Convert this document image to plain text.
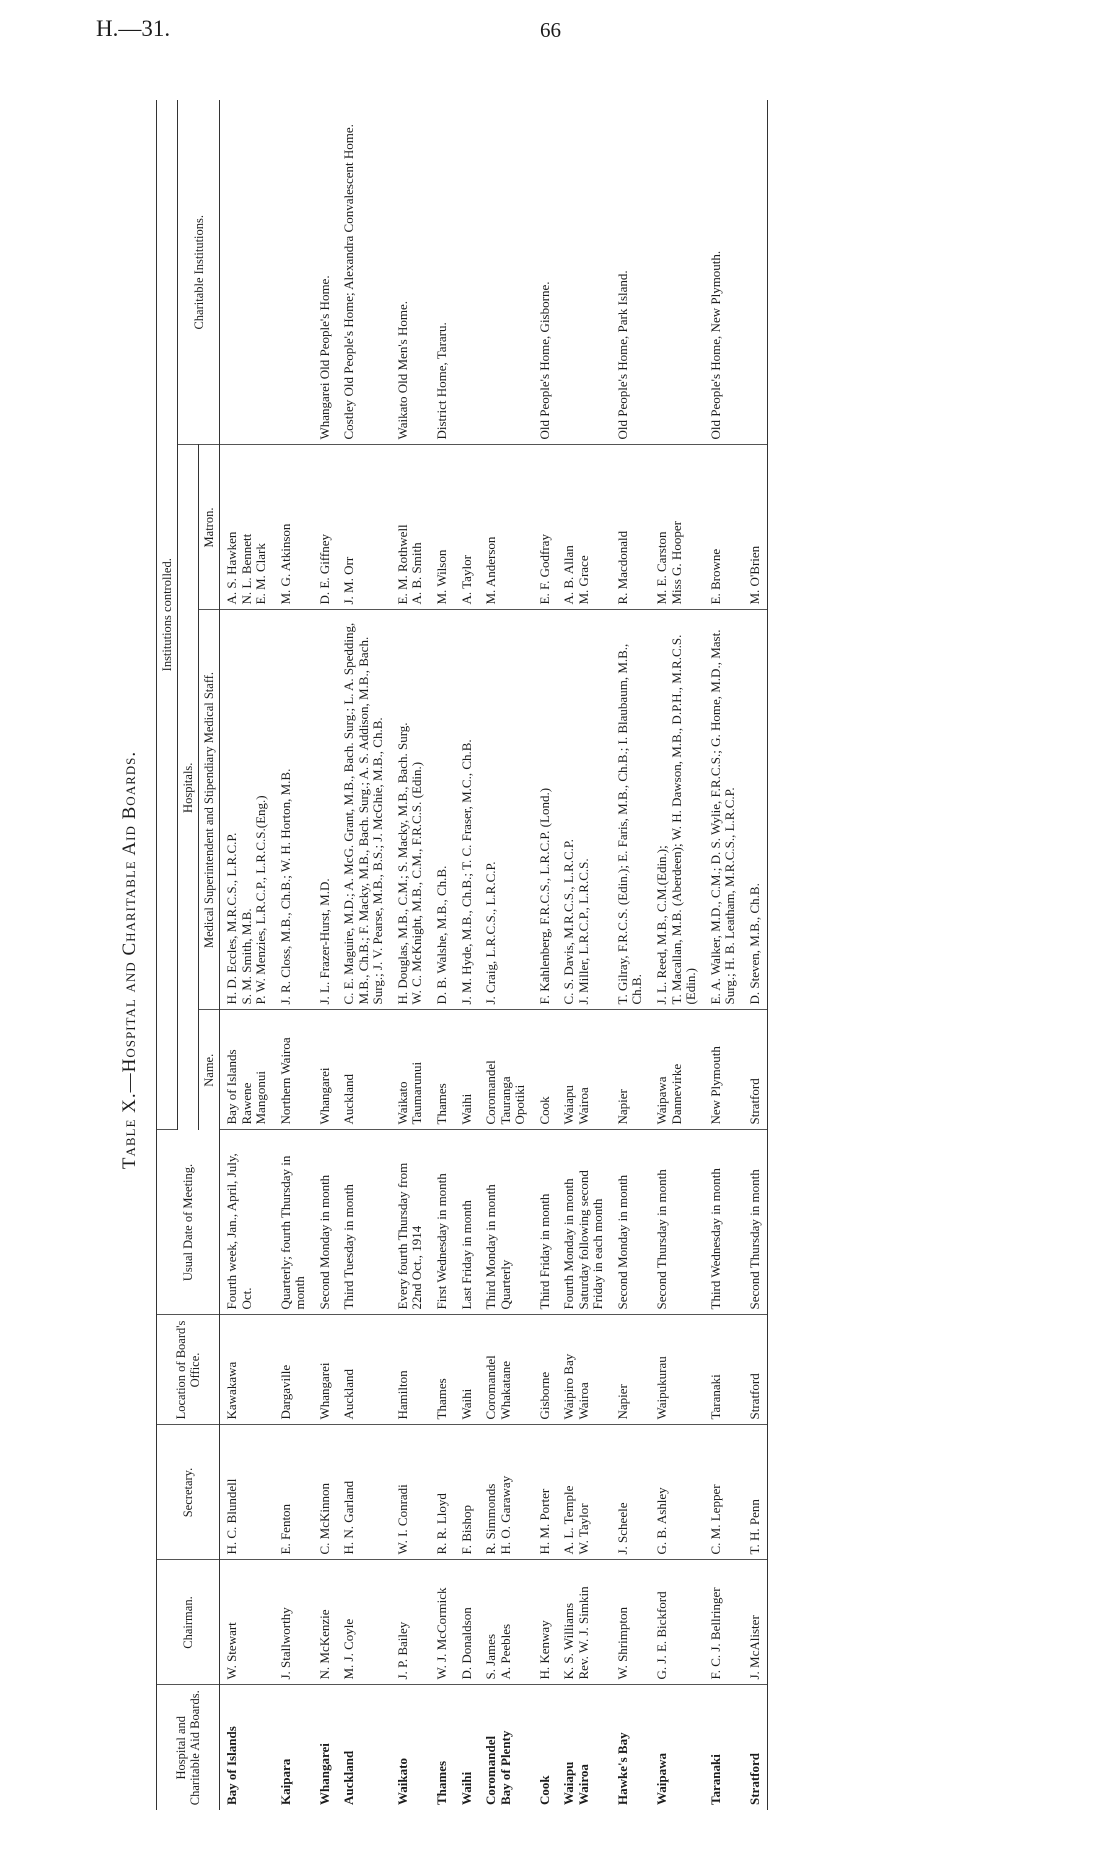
H.—31.	66
Table X.—Hospital and Charitable Aid Boards.
Hospital and Charitable Aid Boards.	Chairman.	Secretary.	Location of Board's Office.	Usual Date of Meeting.	Institutions controlled.			
					Hospitals.			Charitable Institutions.
					Name.	Medical Superintendent and Stipendiary Medical Staff.	Matron.	

Bay of Islands	W. Stewart	H. C. Blundell	Kawakawa	Fourth week, Jan., April, July, Oct.	Bay of Islands Rawene Mangonui	H. D. Eccles, M.R.C.S., L.R.C.P. S. M. Smith, M.B. P. W. Menzies, L.R.C.P., L.R.C.S.(Eng.)	A. S. Hawken N. L. Bennett E. M. Clark	

Kaipara	J. Stallworthy	E. Fenton	Dargaville	Quarterly; fourth Thursday in month	Northern Wairoa	J. R. Closs, M.B., Ch.B.; W. H. Horton, M.B.	M. G. Atkinson	

Whangarei	N. McKenzie	C. McKinnon	Whangarei	Second Monday in month	Whangarei	J. L. Frazer-Hurst, M.D.	D. E. Giffney	Whangarei Old People's Home.

Auckland	M. J. Coyle	H. N. Garland	Auckland	Third Tuesday in month	Auckland	C. E. Maguire, M.D.; A. McG. Grant, M.B., Bach. Surg.; L. A. Spedding, M.B., Ch.B.; F. Macky, M.B., Bach. Surg.; A. S. Addison, M.B., Bach. Surg.; J. V. Pearse, M.B., B.S.; J. McGhie, M.B., Ch.B.	J. M. Orr	Costley Old People's Home; Alexandra Convalescent Home.

Waikato	J. P. Bailey	W. I. Conradi	Hamilton	Every fourth Thursday from 22nd Oct., 1914	Waikato Taumarunui	H. Douglas, M.B., C.M.; S. Macky, M.B., Bach. Surg. W. C. McKnight, M.B., C.M., F.R.C.S. (Edin.)	E. M. Rothwell A. B. Smith	Waikato Old Men's Home.

Thames	W. J. McCormick	R. R. Lloyd	Thames	First Wednesday in month	Thames	D. B. Walshe, M.B., Ch.B.	M. Wilson	District Home, Tararu.

Waihi	D. Donaldson	F. Bishop	Waihi	Last Friday in month	Waihi	J. M. Hyde, M.B., Ch.B.; T. C. Fraser, M.C., Ch.B.	A. Taylor	

Coromandel Bay of Plenty	S. James A. Peebles	R. Simmonds H. O. Garaway	Coromandel Whakatane	Third Monday in month Quarterly	Coromandel Tauranga Opotiki	J. Craig, L.R.C.S., L.R.C.P.	M. Anderson	

Cook	H. Kenway	H. M. Porter	Gisborne	Third Friday in month	Cook	F. Kahlenberg, F.R.C.S., L.R.C.P. (Lond.)	E. F. Godfray	Old People's Home, Gisborne.

Waiapu Wairoa	K. S. Williams Rev. W. J. Simkin	A. L. Temple W. Taylor	Waipiro Bay Wairoa	Fourth Monday in month Saturday following second Friday in each month	Waiapu Wairoa	C. S. Davis, M.R.C.S., L.R.C.P. J. Miller, L.R.C.P., L.R.C.S.	A. B. Allan M. Grace	

Hawke's Bay	W. Shrimpton	J. Scheele	Napier	Second Monday in month	Napier	T. Gilray, F.R.C.S. (Edin.); E. Faris, M.B., Ch.B.; I. Blaubaum, M.B., Ch.B.	R. Macdonald	Old People's Home, Park Island.

Waipawa	G. J. E. Bickford	G. B. Ashley	Waipukurau	Second Thursday in month	Waipawa Dannevirke	J. L. Reed, M.B., C.M.(Edin.); T. Macallan, M.B. (Aberdeen); W. H. Dawson, M.B., D.P.H., M.R.C.S. (Edin.)	M. E. Carston Miss G. Hooper	

Taranaki	F. C. J. Bellringer	C. M. Lepper	Taranaki	Third Wednesday in month	New Plymouth	E. A. Walker, M.D., C.M.; D. S. Wylie, F.R.C.S.; G. Home, M.D., Mast. Surg.; H. B. Leatham, M.R.C.S., L.R.C.P.	E. Browne	Old People's Home, New Plymouth.

Stratford	J. McAlister	T. H. Penn	Stratford	Second Thursday in month	Stratford	D. Steven, M.B., Ch.B.	M. O'Brien	
